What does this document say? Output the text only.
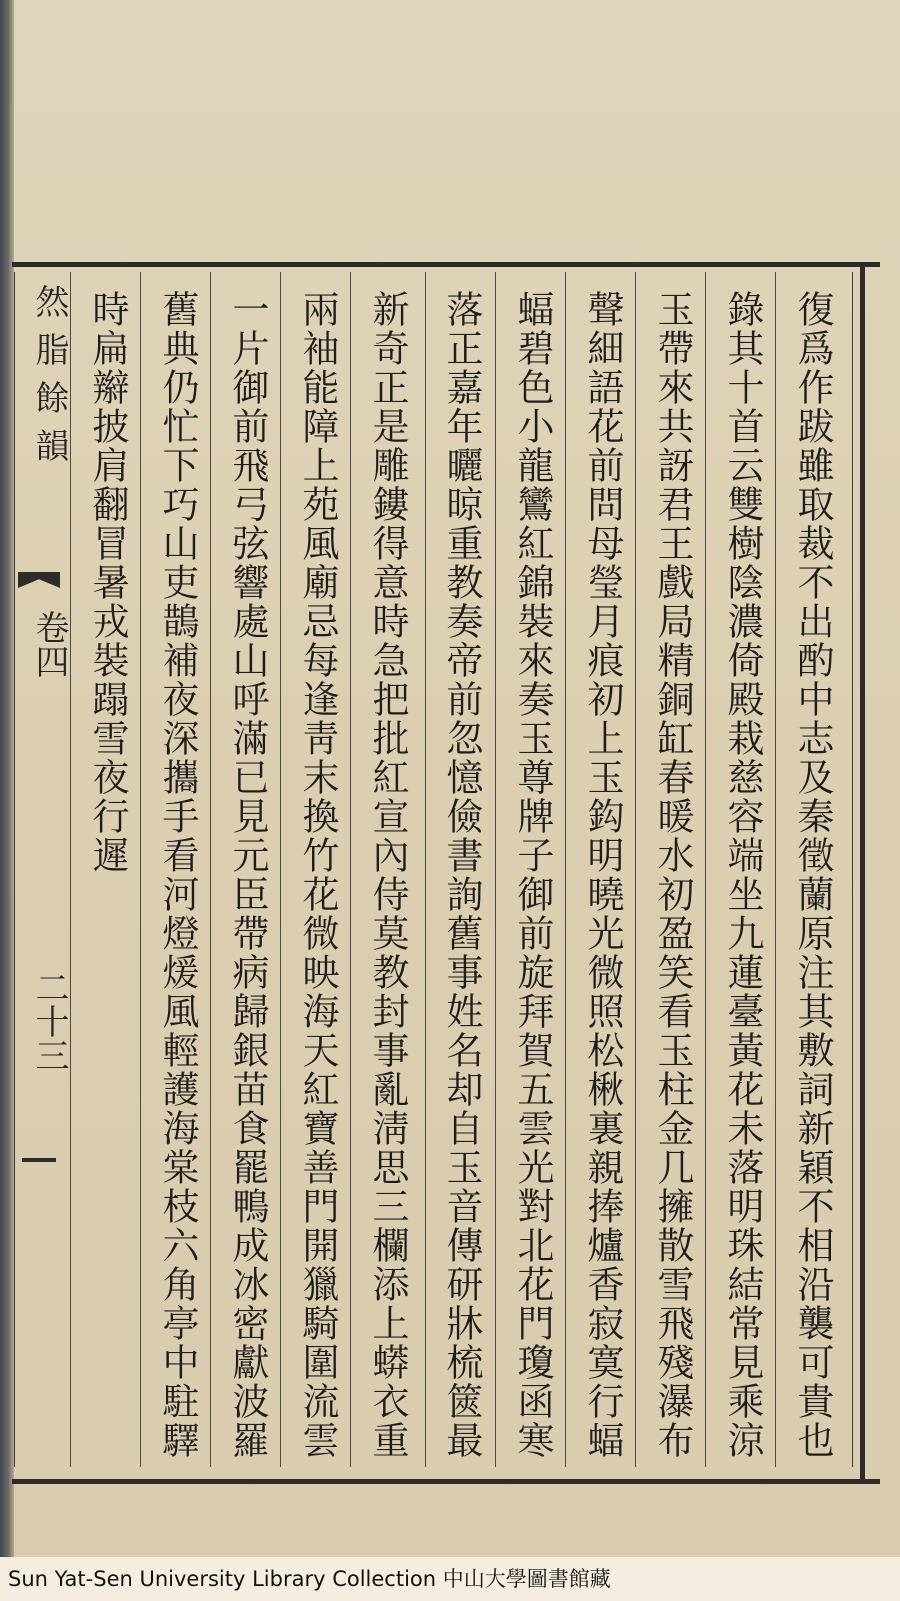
然脂餘韻
卷四
二十三	復爲作跋雖取裁不出酌中志及秦徵蘭原注其敷詞新穎不相沿襲可貴也
錄其十首云雙樹陰濃倚殿栽慈容端坐九蓮臺黃花未落明珠結常見乘涼
玉帶來共訝君王戲局精銅缸春暖水初盈笑看玉柱金几擁散雪飛殘瀑布
聲細語花前問母瑩月痕初上玉鈎明曉光微照松楸裏親捧爐香寂寞行蝠
蝠碧色小龍鸞紅錦裝來奏玉尊牌子御前旋拜賀五雲光對北花門瓊函寒
落正嘉年曬晾重教奏帝前忽憶儉書詢舊事姓名却自玉音傳研牀梳篋最
新奇正是雕鏤得意時急把批紅宣內侍莫教封事亂淸思三欄添上蟒衣重
兩袖能障上苑風廟忌每逢靑末換竹花微映海天紅寶善門開獵騎圍流雲
一片御前飛弓弦響處山呼滿已見元臣帶病歸銀苗食罷鴨成冰密獻波羅
舊典仍忙下巧山吏鵲補夜深攜手看河燈煖風輕護海棠枝六角亭中駐驛
時扁辮披肩翻冒暑戎裝蹋雪夜行遲
Sun Yat-Sen University Library Collection 中山大學圖書館藏
